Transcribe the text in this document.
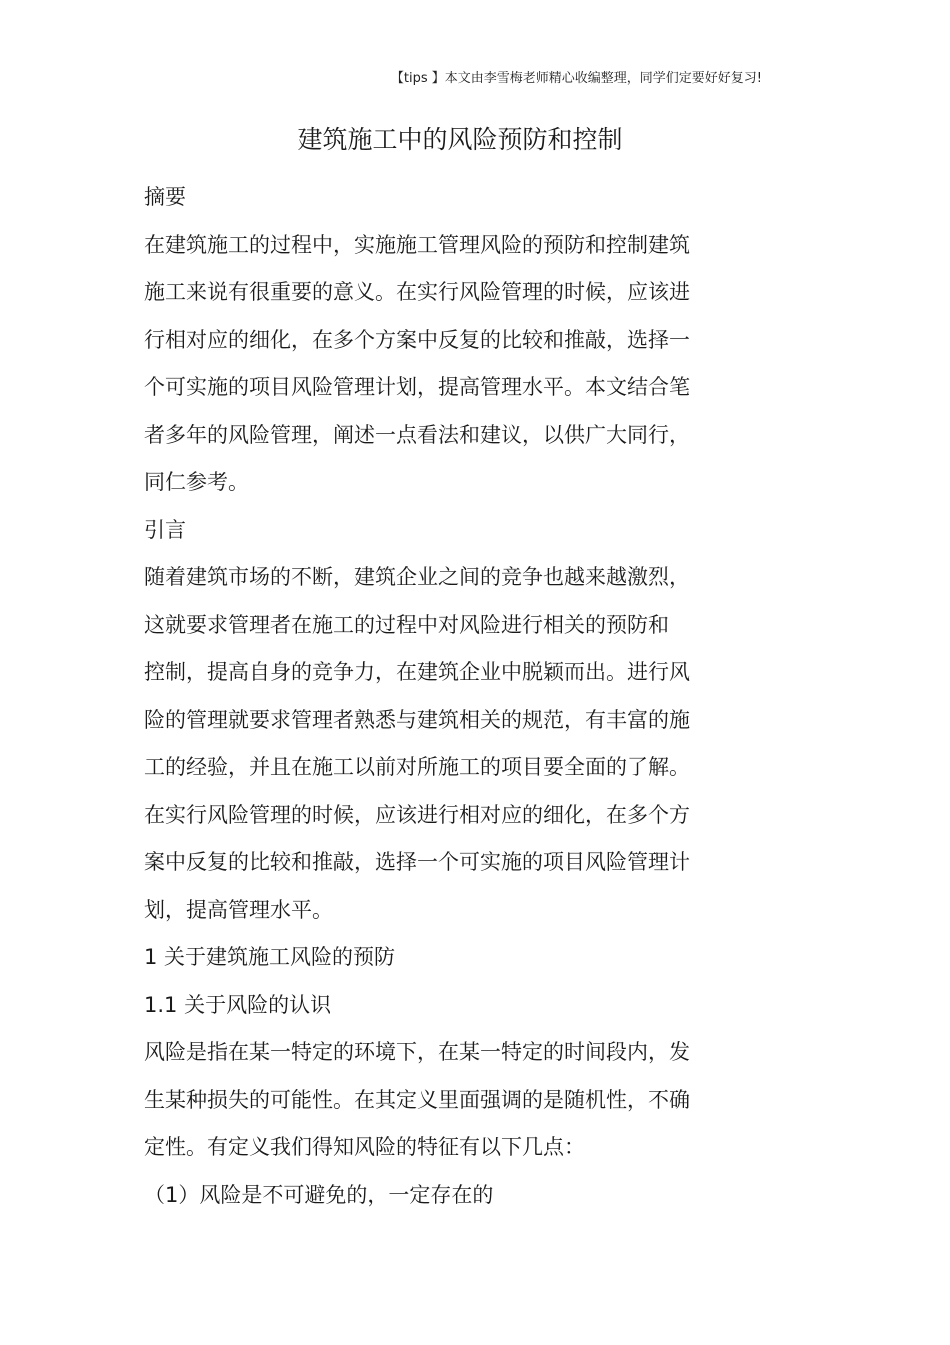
【tips 】本文由李雪梅老师精心收编整理，同学们定要好好复习!
建筑施工中的风险预防和控制
摘要
在建筑施工的过程中，实施施工管理风险的预防和控制建筑
施工来说有很重要的意义。在实行风险管理的时候，应该进
行相对应的细化，在多个方案中反复的比较和推敲，选择一
个可实施的项目风险管理计划，提高管理水平。本文结合笔
者多年的风险管理，阐述一点看法和建议，以供广大同行，
同仁参考。
引言
随着建筑市场的不断，建筑企业之间的竞争也越来越激烈，
这就要求管理者在施工的过程中对风险进行相关的预防和
控制，提高自身的竞争力，在建筑企业中脱颖而出。进行风
险的管理就要求管理者熟悉与建筑相关的规范，有丰富的施
工的经验，并且在施工以前对所施工的项目要全面的了解。
在实行风险管理的时候，应该进行相对应的细化，在多个方
案中反复的比较和推敲，选择一个可实施的项目风险管理计
划，提高管理水平。
1 关于建筑施工风险的预防
1.1 关于风险的认识
风险是指在某一特定的环境下，在某一特定的时间段内，发
生某种损失的可能性。在其定义里面强调的是随机性，不确
定性。有定义我们得知风险的特征有以下几点：
（1）风险是不可避免的，一定存在的
